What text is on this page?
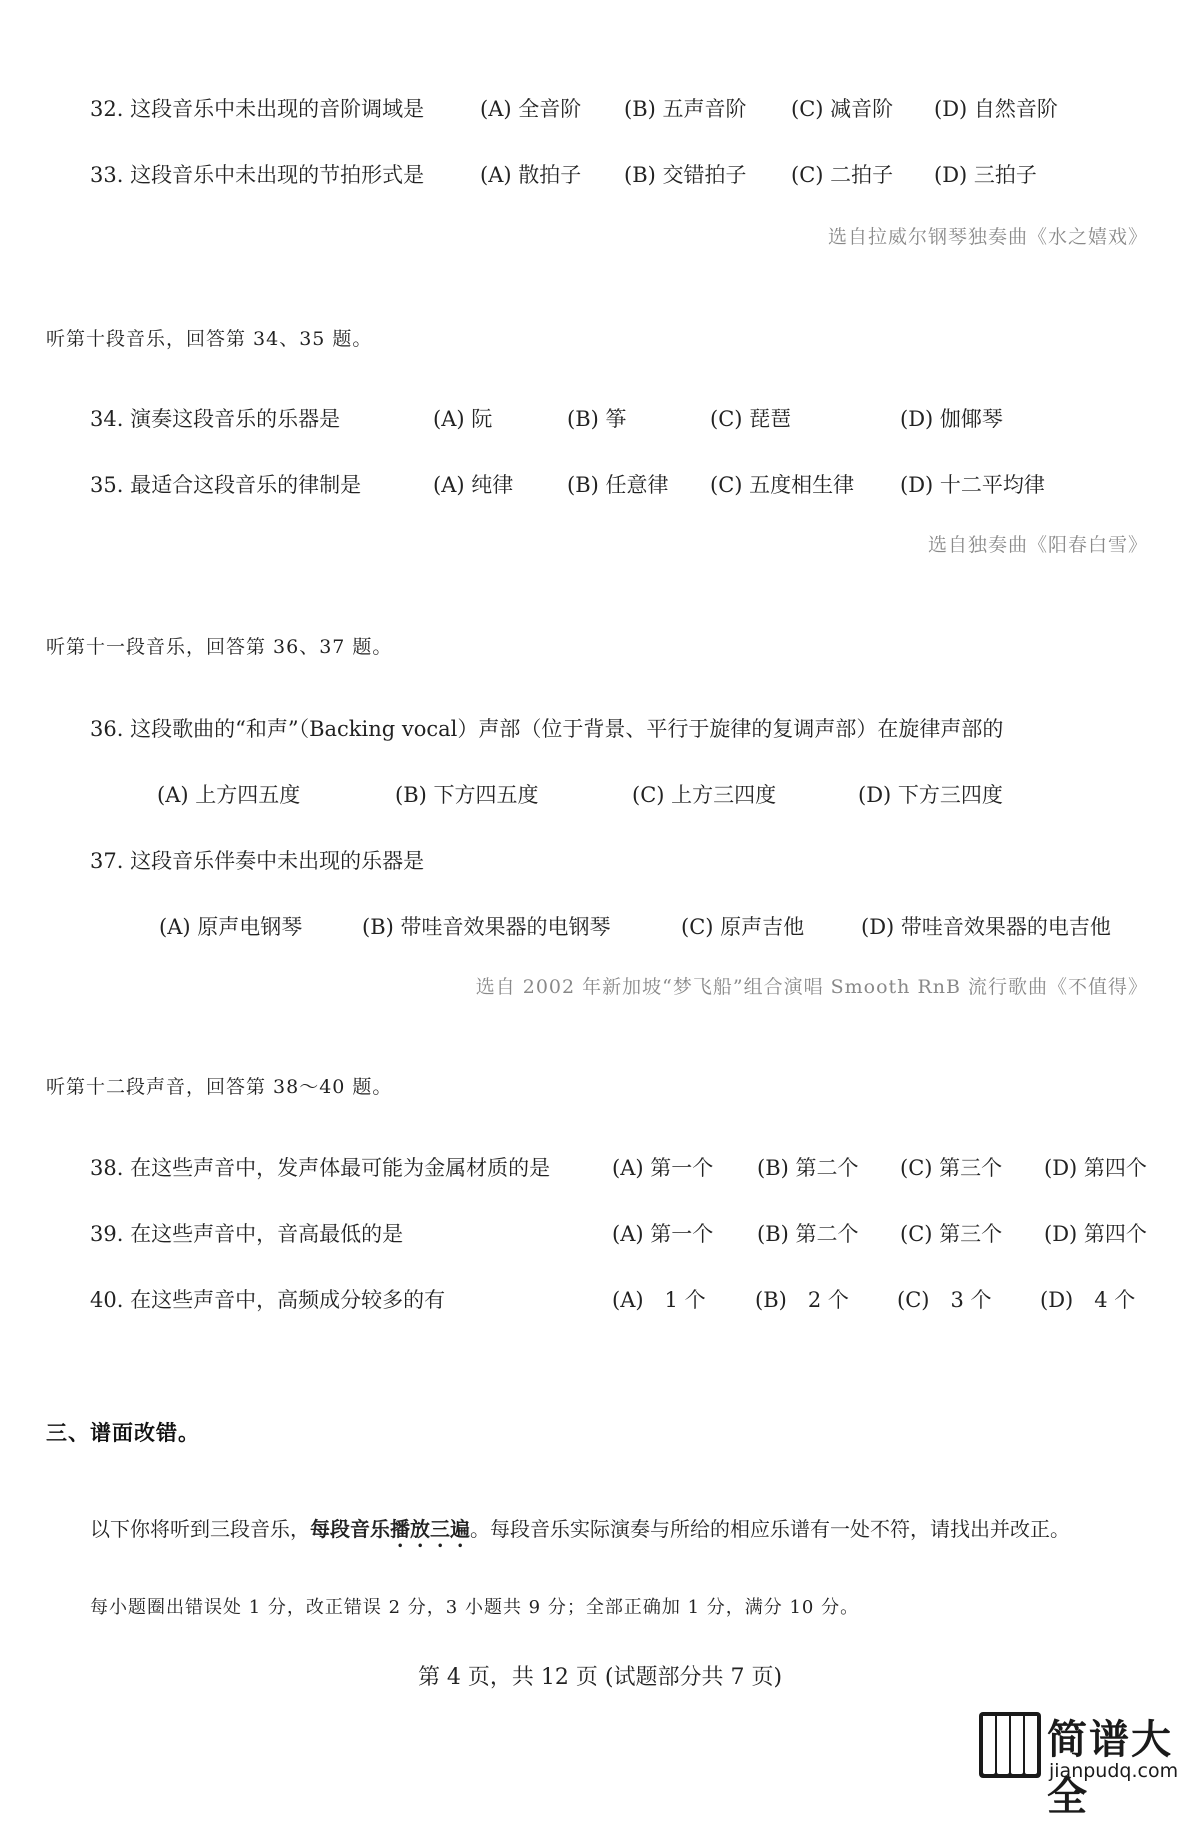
32. 这段音乐中未出现的音阶调域是	(A) 全音阶 (B) 五声音阶 (C) 减音阶 (D) 自然音阶
33. 这段音乐中未出现的节拍形式是	(A) 散拍子 (B) 交错拍子 (C) 二拍子 (D) 三拍子
选自拉威尔钢琴独奏曲《水之嬉戏》
听第十段音乐，回答第 34、35 题。
34. 演奏这段音乐的乐器是	(A) 阮	(B) 筝	(C) 琵琶	(D) 伽倻琴
35. 最适合这段音乐的律制是	(A) 纯律	(B) 任意律 (C) 五度相生律 (D) 十二平均律
选自独奏曲《阳春白雪》
听第十一段音乐，回答第 36、37 题。
36. 这段歌曲的“和声”（Backing vocal）声部（位于背景、平行于旋律的复调声部）在旋律声部的
(A) 上方四五度	(B) 下方四五度	(C) 上方三四度	(D) 下方三四度
37. 这段音乐伴奏中未出现的乐器是
(A) 原声电钢琴	(B) 带哇音效果器的电钢琴	(C) 原声吉他	(D) 带哇音效果器的电吉他
选自 2002 年新加坡“梦飞船”组合演唱 Smooth RnB 流行歌曲《不值得》
听第十二段声音，回答第 38～40 题。
38. 在这些声音中，发声体最可能为金属材质的是	(A) 第一个 (B) 第二个 (C) 第三个 (D) 第四个
39. 在这些声音中，音高最低的是	(A) 第一个 (B) 第二个 (C) 第三个 (D) 第四个
40. 在这些声音中，高频成分较多的有	(A)　1 个 (B)　2 个 (C)　3 个 (D)　4 个
三、谱面改错。
以下你将听到三段音乐，每段音乐播放三遍。每段音乐实际演奏与所给的相应乐谱有一处不符，请找出并改正。
每小题圈出错误处 1 分，改正错误 2 分，3 小题共 9 分；全部正确加 1 分，满分 10 分。
第 4 页，共 12 页 (试题部分共 7 页)
简谱大全
jianpudq.com
